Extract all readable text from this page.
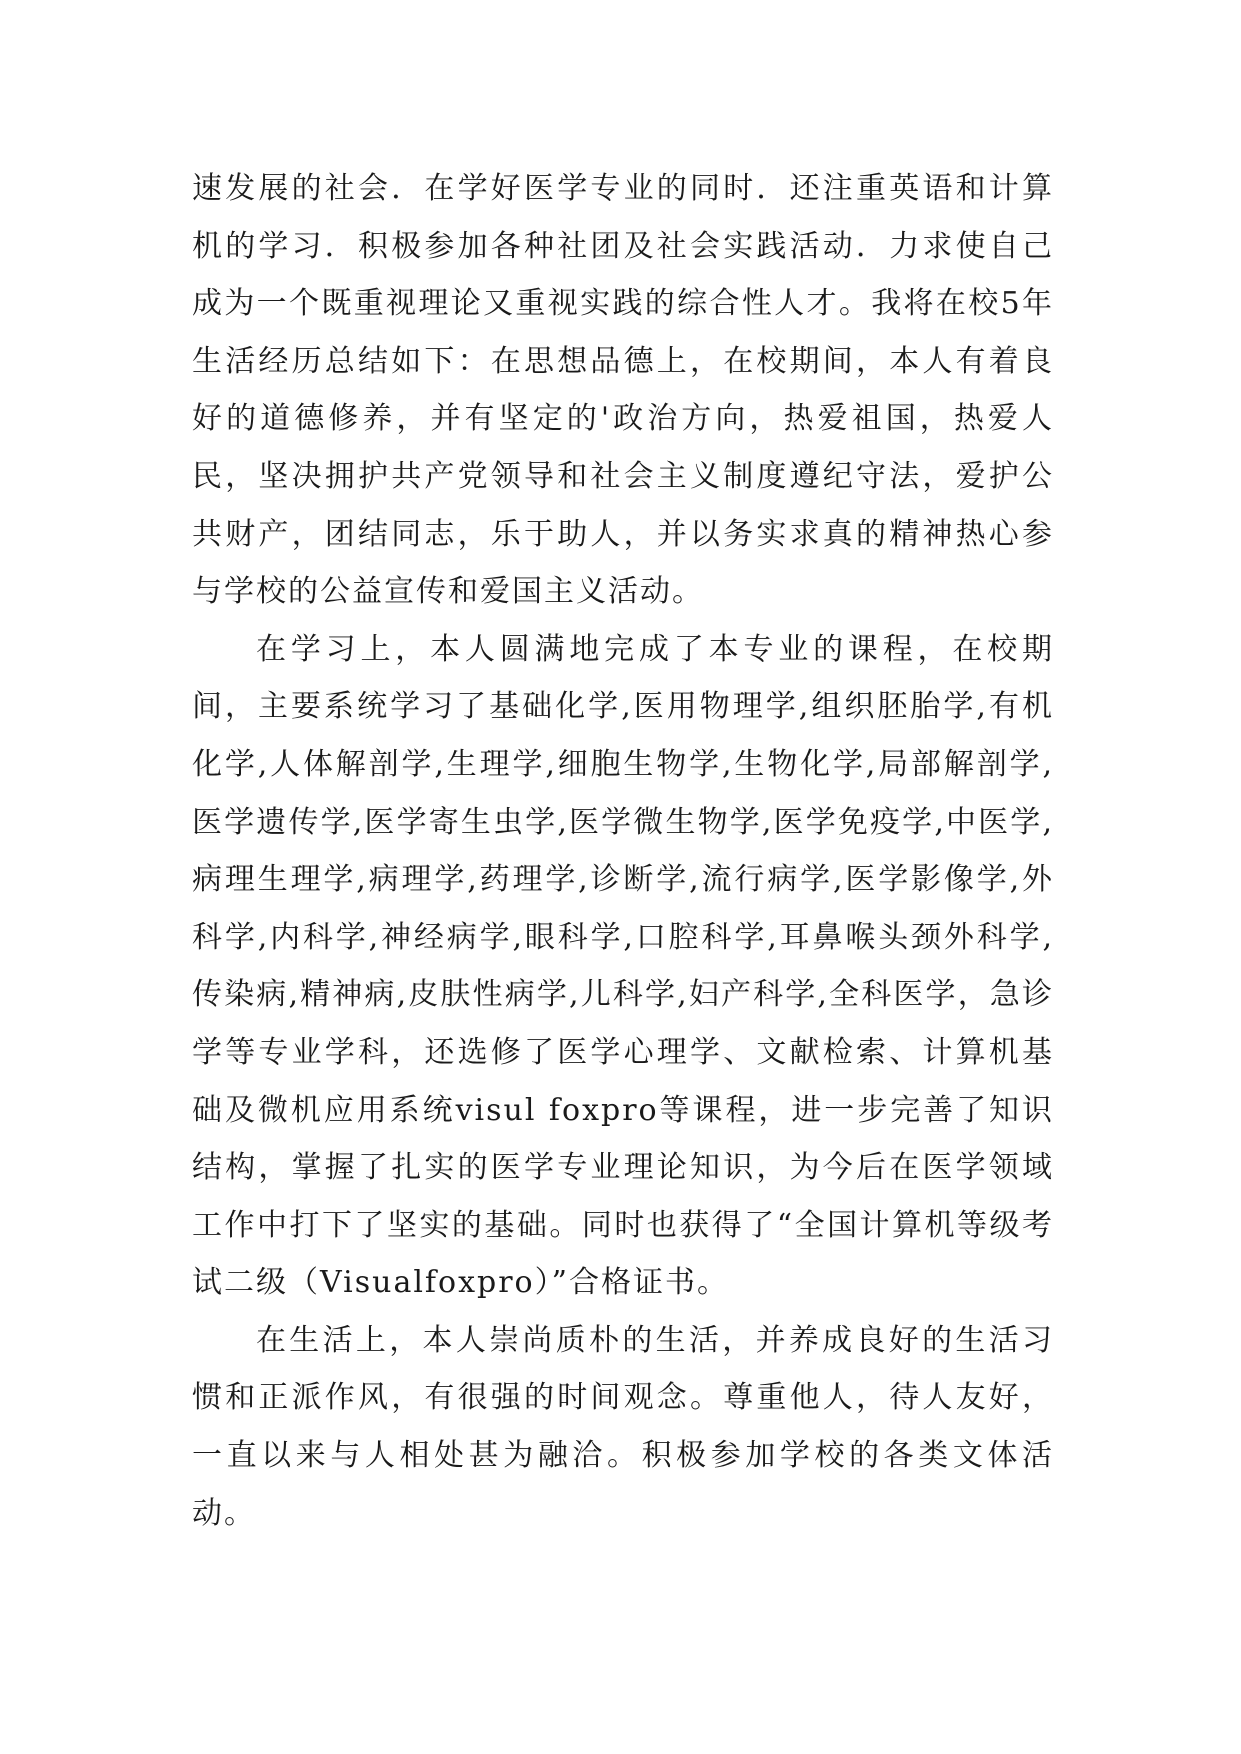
速发展的社会．在学好医学专业的同时．还注重英语和计算机的学习．积极参加各种社团及社会实践活动．力求使自己成为一个既重视理论又重视实践的综合性人才。我将在校5年生活经历总结如下：在思想品德上，在校期间，本人有着良好的道德修养，并有坚定的'政治方向，热爱祖国，热爱人民，坚决拥护共产党领导和社会主义制度遵纪守法，爱护公共财产，团结同志，乐于助人，并以务实求真的精神热心参与学校的公益宣传和爱国主义活动。

在学习上，本人圆满地完成了本专业的课程，在校期间，主要系统学习了基础化学,医用物理学,组织胚胎学,有机化学,人体解剖学,生理学,细胞生物学,生物化学,局部解剖学,医学遗传学,医学寄生虫学,医学微生物学,医学免疫学,中医学,病理生理学,病理学,药理学,诊断学,流行病学,医学影像学,外科学,内科学,神经病学,眼科学,口腔科学,耳鼻喉头颈外科学,传染病,精神病,皮肤性病学,儿科学,妇产科学,全科医学，急诊学等专业学科，还选修了医学心理学、文献检索、计算机基础及微机应用系统visul foxpro等课程，进一步完善了知识结构，掌握了扎实的医学专业理论知识，为今后在医学领域工作中打下了坚实的基础。同时也获得了“全国计算机等级考试二级（Visualfoxpro）”合格证书。

在生活上，本人崇尚质朴的生活，并养成良好的生活习惯和正派作风，有很强的时间观念。尊重他人，待人友好，一直以来与人相处甚为融洽。积极参加学校的各类文体活动。
